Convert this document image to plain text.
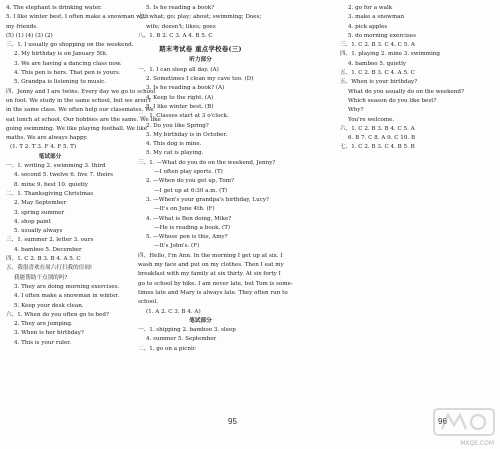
4. The elephant is drinking water.
5. I like winter best. I often make a snowman with
my friends.
(5) (1) (4) (3) (2)
三、1. I usually go shopping on the weekend.
2. My birthday is on January 5th.
3. We are having a dancing class now.
4. This pen is hers. That pen is yours.
5. Grandpa is listening to music.
四、Jenny and I are twins. Every day we go to school
on foot. We study in the same school, but we aren't
in the same class. We often help our classmates. We
eat lunch at school. Our hobbies are the same. We like
going swimming. We like playing football. We like
maths. We are always happy.
(1. T 2. T 3. F 4. F 5. T)
笔试部分
一、1. writing 2. swimming 3. third
4. second 5. twelve 6. five 7. theirs
8. mine 9. best 10. quietly
二、1. Thanksgiving Christmas
2. May September
3. spring summer
4. shop paint
5. usually always
三、1. summer 2. letter 3. ours
4. bamboo 5. December
四、1. C 2. B 3. B 4. A 5. C
五、我很喜欢在周六打扫我的房间!
我能帮助干点别的吗?
3. They are doing morning exercises.
4. I often make a snowman in winter.
5. Keep your desk clean.
六、1. When do you often go to bed?
2. They are jumping.
3. When is her birthday?
4. This is your ruler.
5. Is he reading a book?
七、what; go; play; about; swimming; Does;
wife; doesn't; likes; goes
八、1. B 2. C 3. A 4. B 5. C
期末考试卷 重点学校卷(三)
听力部分
一、1. I can sleep all day. (A)
2. Sometimes I clean my cave too. (D)
3. Is he reading a book? (A)
4. Keep to the right. (A)
5. I like winter best. (B)
二、1. Classes start at 3 o'clock.
2. Do you like Spring?
3. My birthday is in October.
4. This dog is mine.
5. My cat is playing.
三、1. —What do you do on the weekend, Jenny?
—I often play sports. (T)
2. —When do you get up, Tom?
—I get up at 6:30 a.m. (T)
3. —When's your grandpa's birthday, Lucy?
—It's on June 4th. (F)
4. —What is Ben doing, Mike?
—He is reading a book. (T)
5. —Whose pen is this, Amy?
—It's John's. (F)
四、Hello, I'm Ann. In the morning I get up at six. I
wash my face and put on my clothes. Then I eat my
breakfast with my family at six thirty. At six forty I
go to school by bike. I am never late, but Tom is some-
times late and Mary is always late. They often run to
school.
(1. A 2. C 3. B 4. A)
笔试部分
一、1. shipping 2. bamboo 3. sleep
4. summer 5. September
二、1. go on a picnic
2. go for a walk
3. make a snowman
4. pick apples
5. do morning exercises
三、1. C 2. B 3. C 4. C 5. A
四、1. playing 2. mine 3. swimming
4. bamboo 5. quietly
五、1. C 2. B 3. C 4. A 5. C
五、When is your birthday?
What do you usually do on the weekend?
Which season do you like best?
Why?
You're welcome.
六、1. C 2. B 3. B 4. C 5. A
6. B 7. C 8. A 9. C 10. B
七、1. C 2. B 3. C 4. B 5. B
95	96
MXQE.COM
